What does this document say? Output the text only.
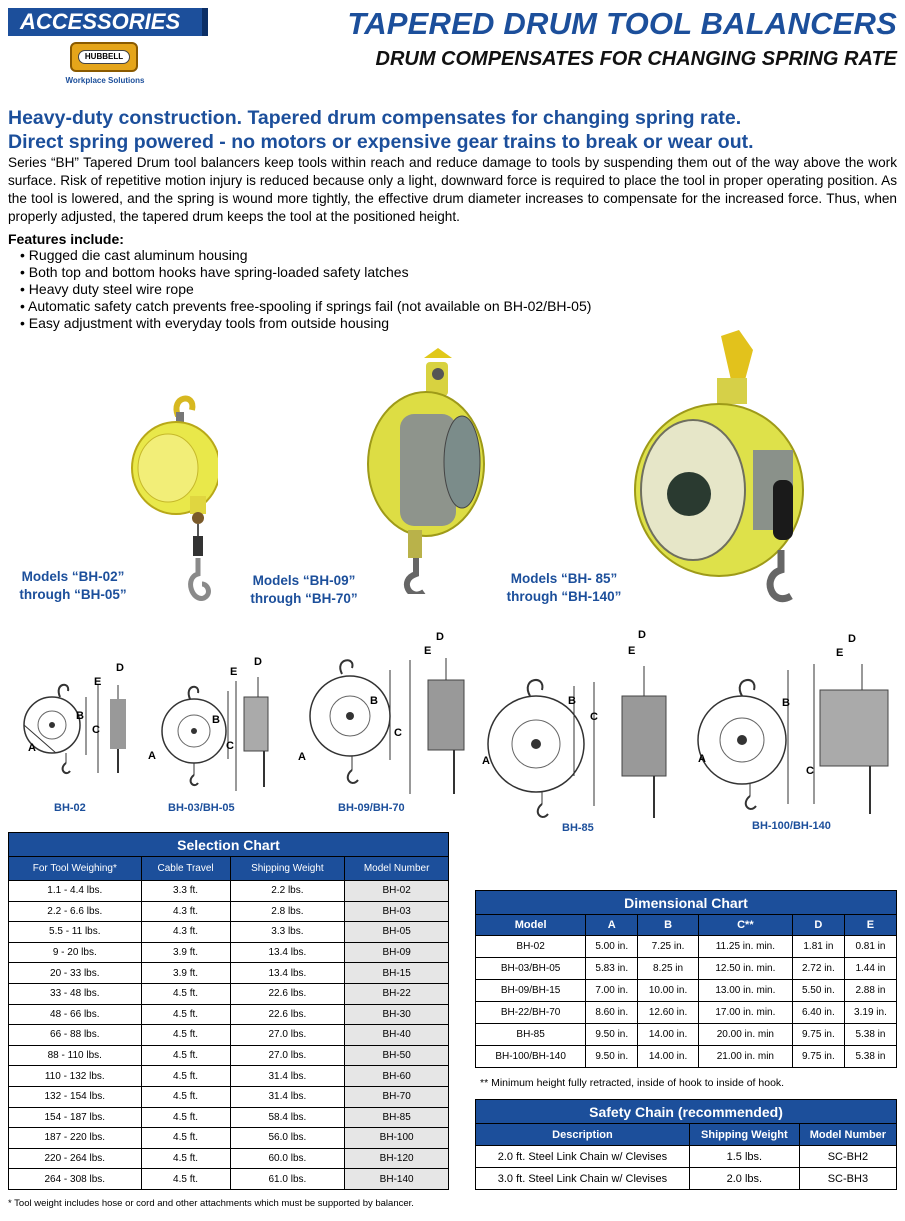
ACCESSORIES
HUBBELL
Workplace Solutions
TAPERED DRUM TOOL BALANCERS
DRUM COMPENSATES FOR CHANGING SPRING RATE
Heavy-duty construction. Tapered drum compensates for changing spring rate.
Direct spring powered - no motors or expensive gear trains to break or wear out.

Series “BH” Tapered Drum tool balancers keep tools within reach and reduce damage to tools by suspending them out of the way above the work surface. Risk of repetitive motion injury is reduced because only a light, downward force is required to place the tool in proper operating position. As the tool is lowered, and the spring is wound more tightly, the effective drum diameter increases to compensate for the increased force. Thus, when properly adjusted, the tapered drum keeps the tool at the positioned height.

Features include:
• Rugged die cast aluminum housing
• Both top and bottom hooks have spring-loaded safety latches
• Heavy duty steel wire rope
• Automatic safety catch prevents free-spooling if springs fail (not available on BH-02/BH-05)
• Easy adjustment with everyday tools from outside housing
Models “BH-02”
through “BH-05”
Models “BH-09”
through “BH-70”
Models “BH- 85”
through “BH-140”
A
B
C
D
E
A
B
C
D
E
A
B
C
D
E
A
B
C
D
E
A
B
C
D
E
BH-02	BH-03/BH-05	BH-09/BH-70
BH-85	BH-100/BH-140
Selection Chart			
For Tool Weighing*	Cable Travel	Shipping Weight	Model Number
1.1 - 4.4 lbs.	3.3 ft.	2.2 lbs.	BH-02
2.2 - 6.6 lbs.	4.3 ft.	2.8 lbs.	BH-03
5.5 - 11 lbs.	4.3 ft.	3.3 lbs.	BH-05
9 - 20 lbs.	3.9 ft.	13.4 lbs.	BH-09
20 - 33 lbs.	3.9 ft.	13.4 lbs.	BH-15
33 - 48 lbs.	4.5 ft.	22.6 lbs.	BH-22
48 - 66 lbs.	4.5 ft.	22.6 lbs.	BH-30
66 - 88 lbs.	4.5 ft.	27.0 lbs.	BH-40
88 - 110 lbs.	4.5 ft.	27.0 lbs.	BH-50
110 - 132 lbs.	4.5 ft.	31.4 lbs.	BH-60
132 - 154 lbs.	4.5 ft.	31.4 lbs.	BH-70
154 - 187 lbs.	4.5 ft.	58.4 lbs.	BH-85
187 - 220 lbs.	4.5 ft.	56.0 lbs.	BH-100
220 - 264 lbs.	4.5 ft.	60.0 lbs.	BH-120
264 - 308 lbs.	4.5 ft.	61.0 lbs.	BH-140
* Tool weight includes hose or cord and other attachments which must be supported by balancer.
Dimensional Chart					
Model	A	B	C**	D	E
BH-02	5.00 in.	7.25 in.	11.25 in. min.	1.81 in	0.81 in
BH-03/BH-05	5.83 in.	8.25 in	12.50 in. min.	2.72 in.	1.44 in
BH-09/BH-15	7.00 in.	10.00 in.	13.00 in. min.	5.50 in.	2.88 in
BH-22/BH-70	8.60 in.	12.60 in.	17.00 in. min.	6.40 in.	3.19 in.
BH-85	9.50 in.	14.00 in.	20.00 in. min	9.75 in.	5.38 in
BH-100/BH-140	9.50 in.	14.00 in.	21.00 in. min	9.75 in.	5.38 in
** Minimum height fully retracted, inside of hook to inside of hook.
Safety Chain (recommended)		
Description	Shipping Weight	Model Number
2.0 ft. Steel Link Chain w/ Clevises	1.5 lbs.	SC-BH2
3.0 ft. Steel Link Chain w/ Clevises	2.0 lbs.	SC-BH3
